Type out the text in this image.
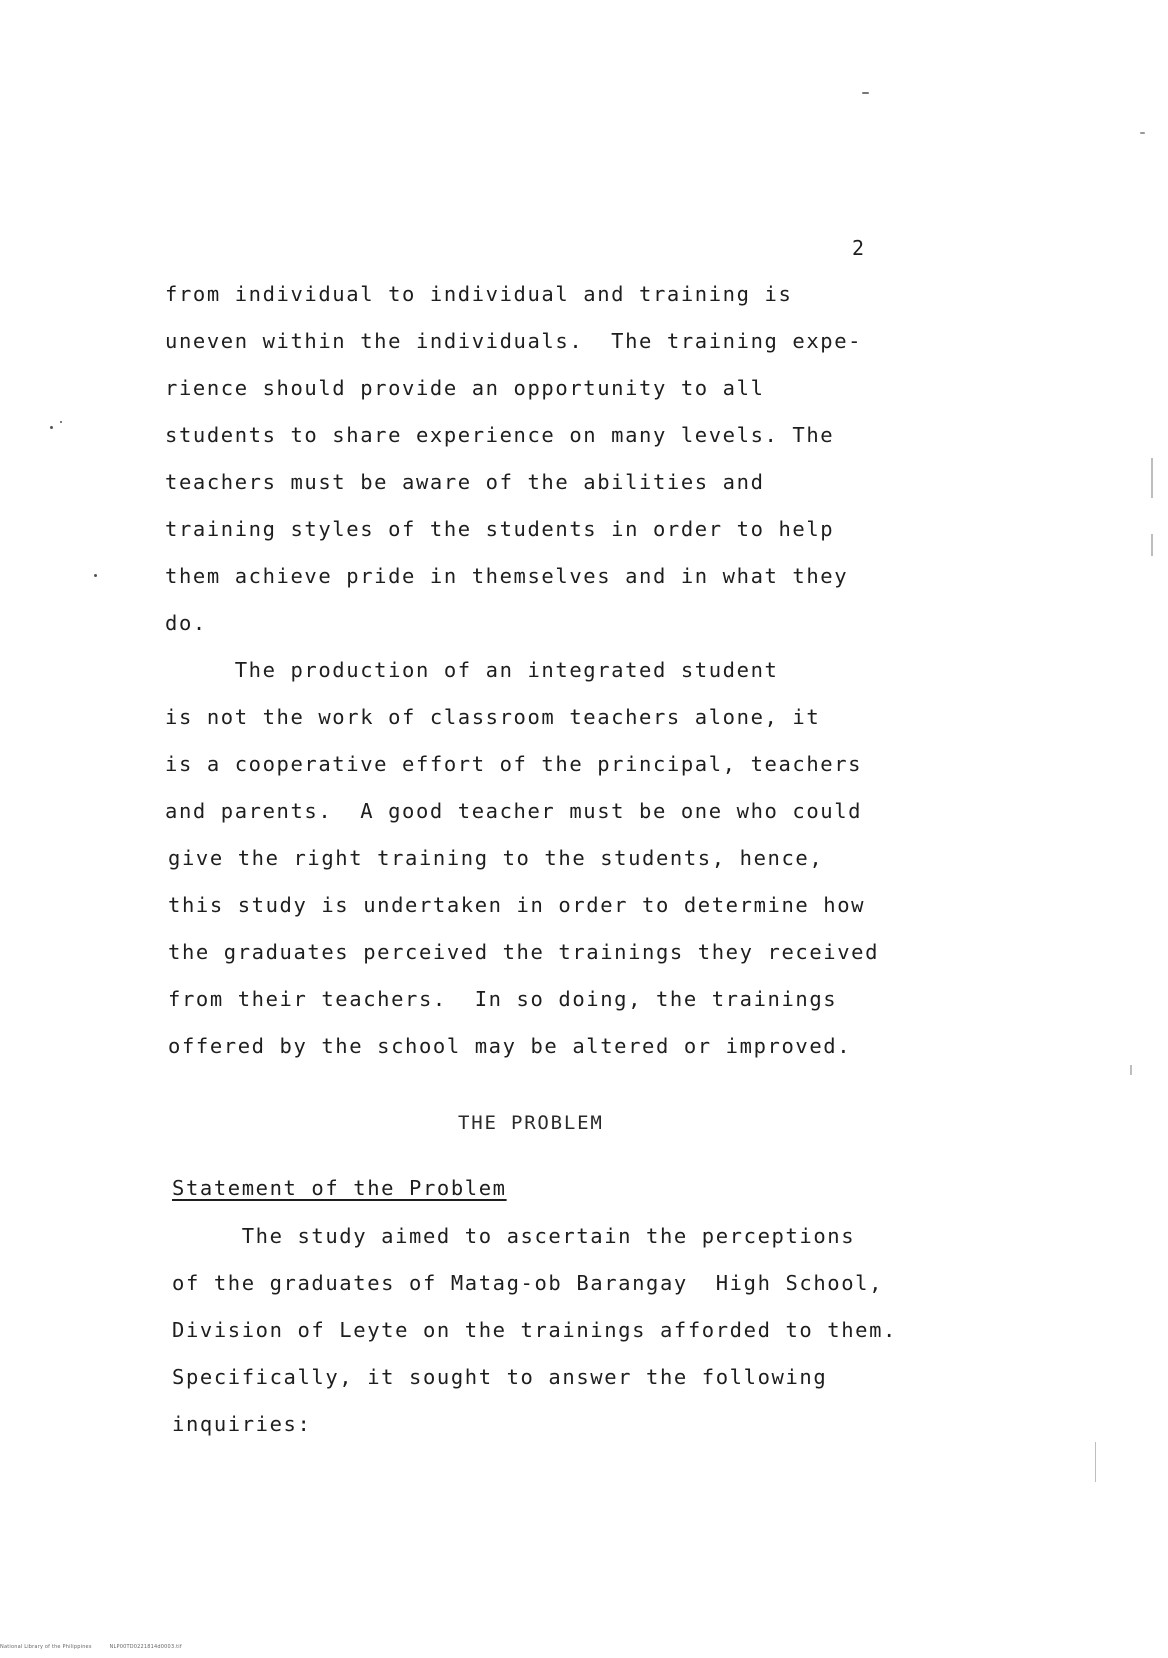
2
from individual to individual and training is
uneven within the individuals.  The training expe-
rience should provide an opportunity to all
students to share experience on many levels. The
teachers must be aware of the abilities and
training styles of the students in order to help
them achieve pride in themselves and in what they
do.
The production of an integrated student
is not the work of classroom teachers alone, it
is a cooperative effort of the principal, teachers
and parents.  A good teacher must be one who could
give the right training to the students, hence,
this study is undertaken in order to determine how
the graduates perceived the trainings they received
from their teachers.  In so doing, the trainings
offered by the school may be altered or improved.
THE PROBLEM
Statement of the Problem
The study aimed to ascertain the perceptions
of the graduates of Matag-ob Barangay  High School,
Division of Leyte on the trainings afforded to them.
Specifically, it sought to answer the following
inquiries:
National Library of the Philippines	NLP00TD0221814d0003.tif
